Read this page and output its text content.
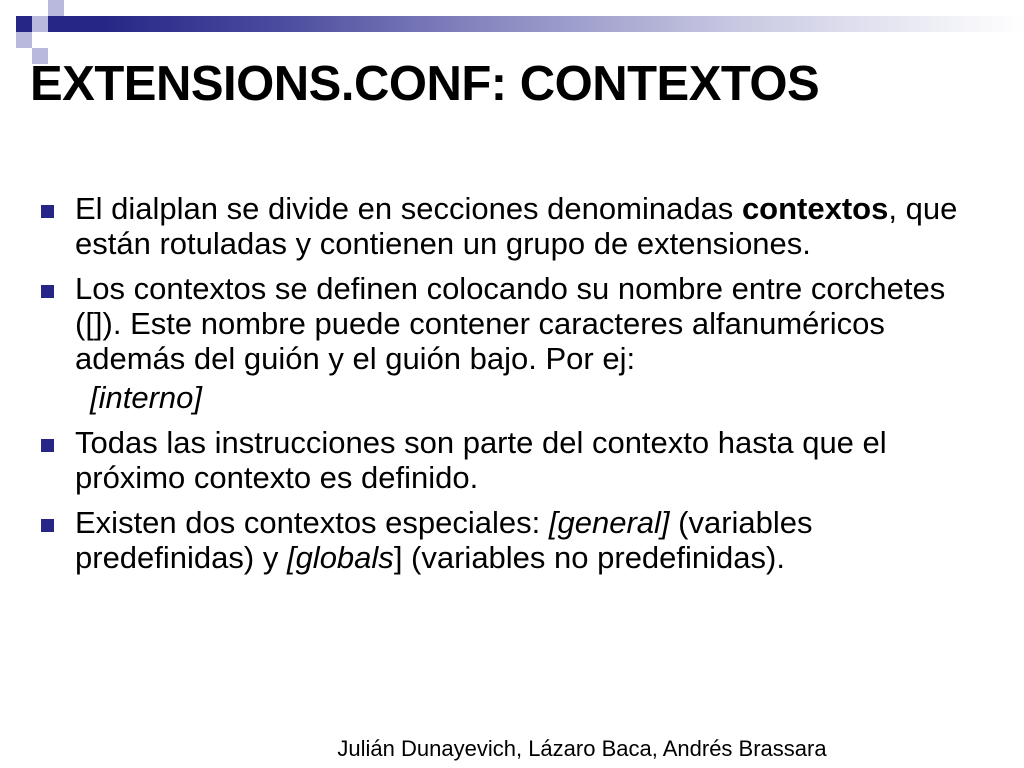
EXTENSIONS.CONF: CONTEXTOS
El dialplan se divide en secciones denominadas contextos, que están rotuladas y contienen un grupo de extensiones.
Los contextos se definen colocando su nombre entre corchetes ([]). Este nombre puede contener caracteres alfanuméricos además del guión y el guión bajo. Por ej:
[interno]
Todas las instrucciones son parte del contexto hasta que el próximo contexto es definido.
Existen dos contextos especiales: [general] (variables predefinidas) y [globals] (variables no predefinidas).
Julián Dunayevich, Lázaro Baca, Andrés Brassara
